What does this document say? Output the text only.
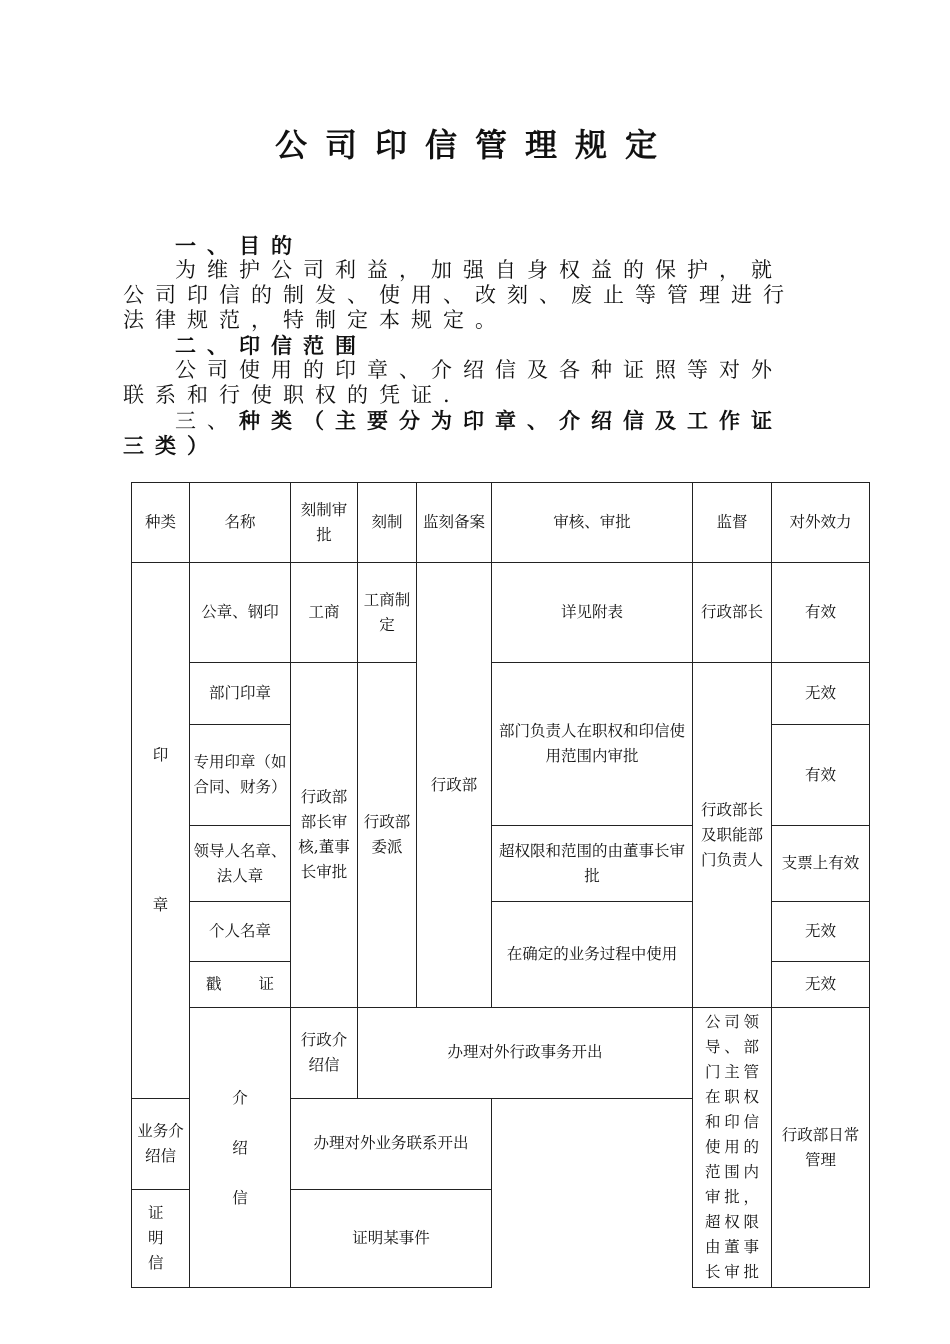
公司印信管理规定
一、目的
为维护公司利益，加强自身权益的保护，就
公司印信的制发、使用、改刻、废止等管理进行
法律规范，特制定本规定。
二、印信范围
公司使用的印章、介绍信及各种证照等对外
联系和行使职权的凭证.
三、种类（主要分为印章、介绍信及工作证
三类）
种类	名称	刻制审批	刻制	监刻备案	审核、审批	监督	对外效力	

印
章	公章、钢印	工商	工商制定	行政部	详见附表	行政部长	有效	
	部门印章	行政部部长审核,董事长审批	行政部委派		部门负责人在职权和印信使用范围内审批	行政部长及职能部门负责人	无效	
	专用印章（如合同、财务）						有效	
	领导人名章、法人章				超权限和范围的由董事长审批		支票上有效	
	个人名章				在确定的业务过程中使用		无效	
	戳证						无效	

	介
绍
信	行政介绍信	办理对外行政事务开出			公司领导、部门主管在职权和印信使用的范围内审批，超权限由董事长审批	行政部日常管理	
业务介绍信		办理对外业务联系开出						
证明信		证明某事件						
